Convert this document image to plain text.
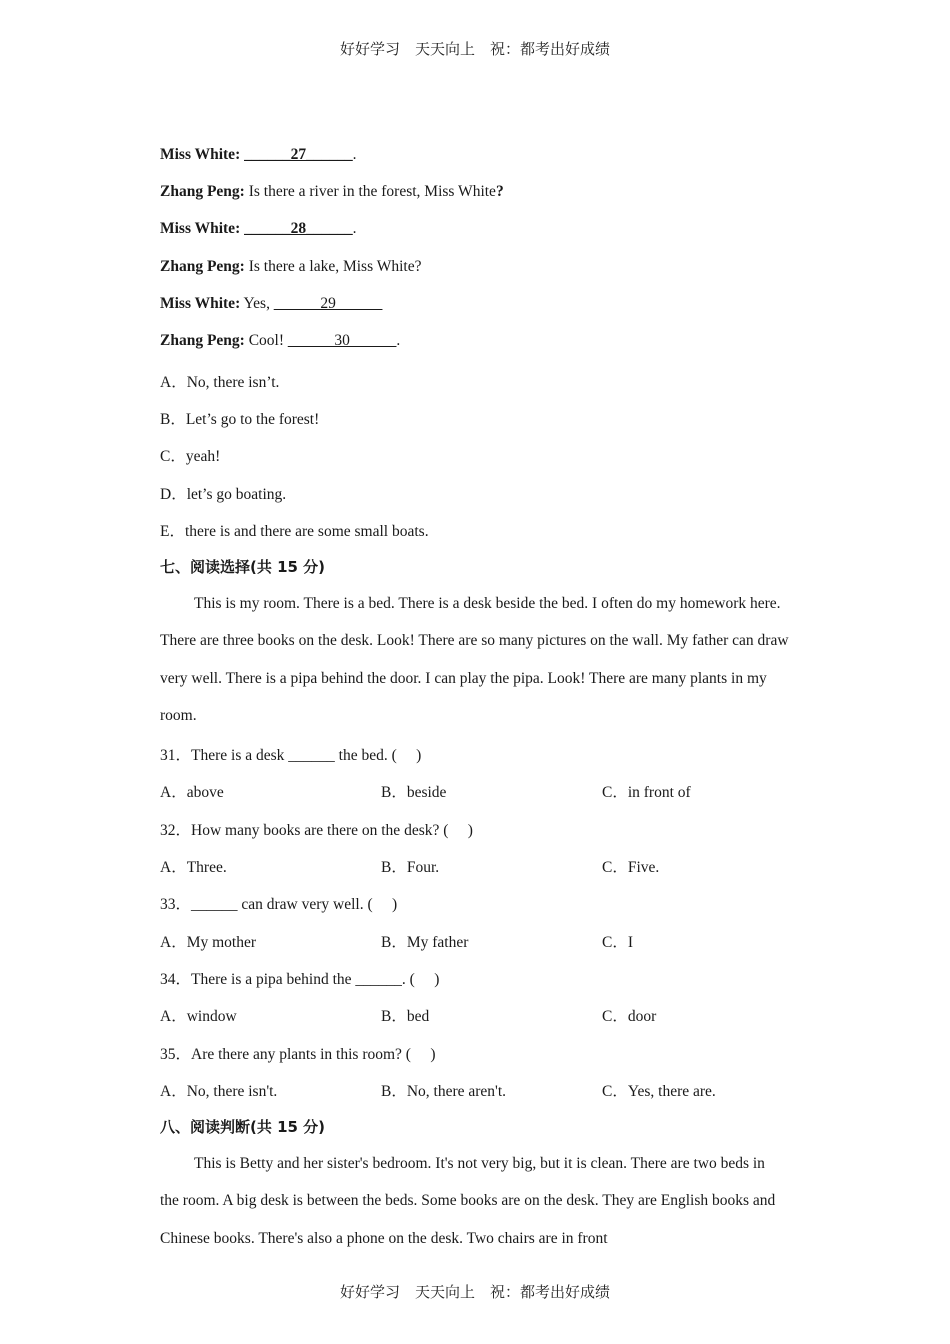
好好学习　天天向上　祝：都考出好成绩
Miss White: ______27______.
Zhang Peng: Is there a river in the forest, Miss White?
Miss White: ______28______.
Zhang Peng: Is there a lake, Miss White?
Miss White: Yes, ______29______
Zhang Peng: Cool! ______30______.
A．No, there isn’t.
B．Let’s go to the forest!
C．yeah!
D．let’s go boating.
E．there is and there are some small boats.
七、阅读选择(共 15 分)

This is my room. There is a bed. There is a desk beside the bed. I often do my homework here. There are three books on the desk. Look! There are so many pictures on the wall. My father can draw very well. There is a pipa behind the door. I can play the pipa. Look! There are many plants in my room.

31．There is a desk ______ the bed. (　 )
A．above	B．beside	C．in front of
32．How many books are there on the desk? (　 )
A．Three.	B．Four.	C．Five.
33．______ can draw very well. (　 )
A．My mother	B．My father	C．I
34．There is a pipa behind the ______. (　 )
A．window	B．bed	C．door
35．Are there any plants in this room? (　 )
A．No, there isn't.	B．No, there aren't.	C．Yes, there are.
八、阅读判断(共 15 分)

This is Betty and her sister's bedroom. It's not very big, but it is clean. There are two beds in the room. A big desk is between the beds. Some books are on the desk. They are English books and Chinese books. There's also a phone on the desk. Two chairs are in front

好好学习　天天向上　祝：都考出好成绩
